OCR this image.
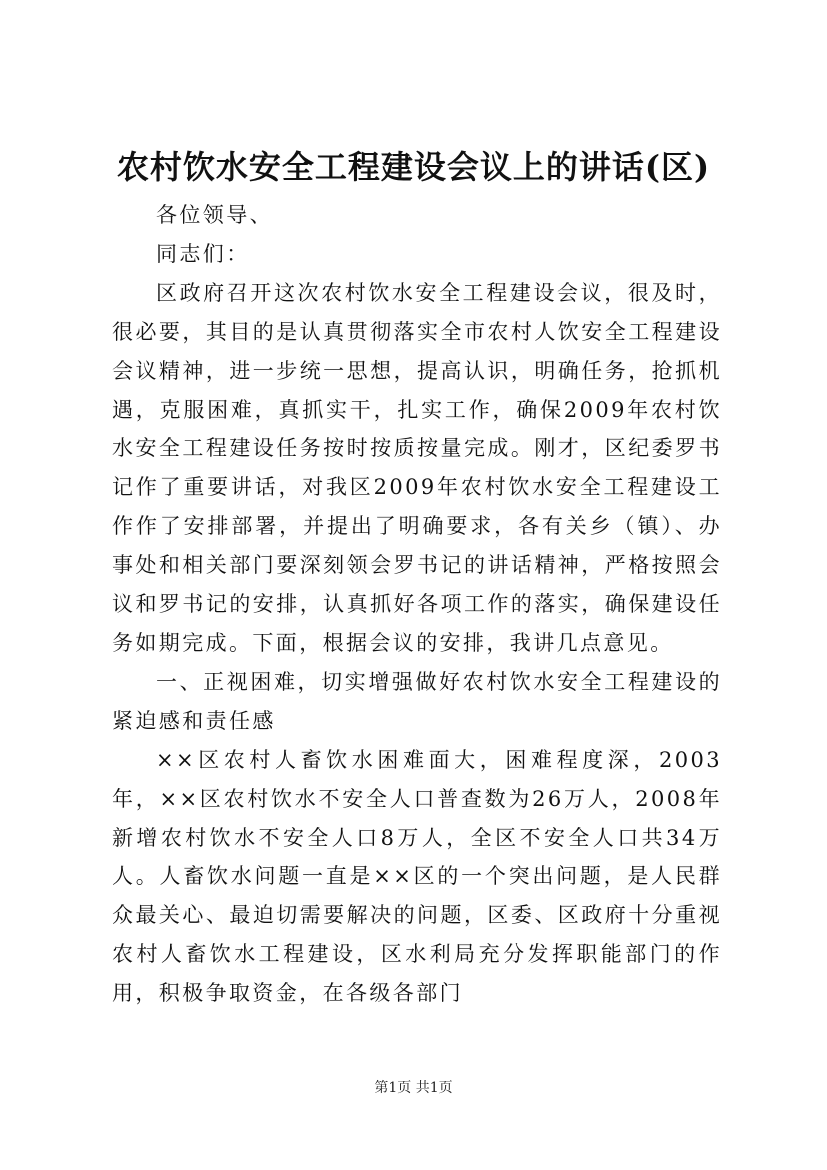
农村饮水安全工程建设会议上的讲话(区)

各位领导、

同志们：

区政府召开这次农村饮水安全工程建设会议，很及时，很必要，其目的是认真贯彻落实全市农村人饮安全工程建设会议精神，进一步统一思想，提高认识，明确任务，抢抓机遇，克服困难，真抓实干，扎实工作，确保2009年农村饮水安全工程建设任务按时按质按量完成。刚才，区纪委罗书记作了重要讲话，对我区2009年农村饮水安全工程建设工作作了安排部署，并提出了明确要求，各有关乡（镇）、办事处和相关部门要深刻领会罗书记的讲话精神，严格按照会议和罗书记的安排，认真抓好各项工作的落实，确保建设任务如期完成。下面，根据会议的安排，我讲几点意见。

一、正视困难，切实增强做好农村饮水安全工程建设的紧迫感和责任感

××区农村人畜饮水困难面大，困难程度深，2003年，××区农村饮水不安全人口普查数为26万人，2008年新增农村饮水不安全人口8万人，全区不安全人口共34万人。人畜饮水问题一直是××区的一个突出问题，是人民群众最关心、最迫切需要解决的问题，区委、区政府十分重视农村人畜饮水工程建设，区水利局充分发挥职能部门的作用，积极争取资金，在各级各部门

第1页 共1页
